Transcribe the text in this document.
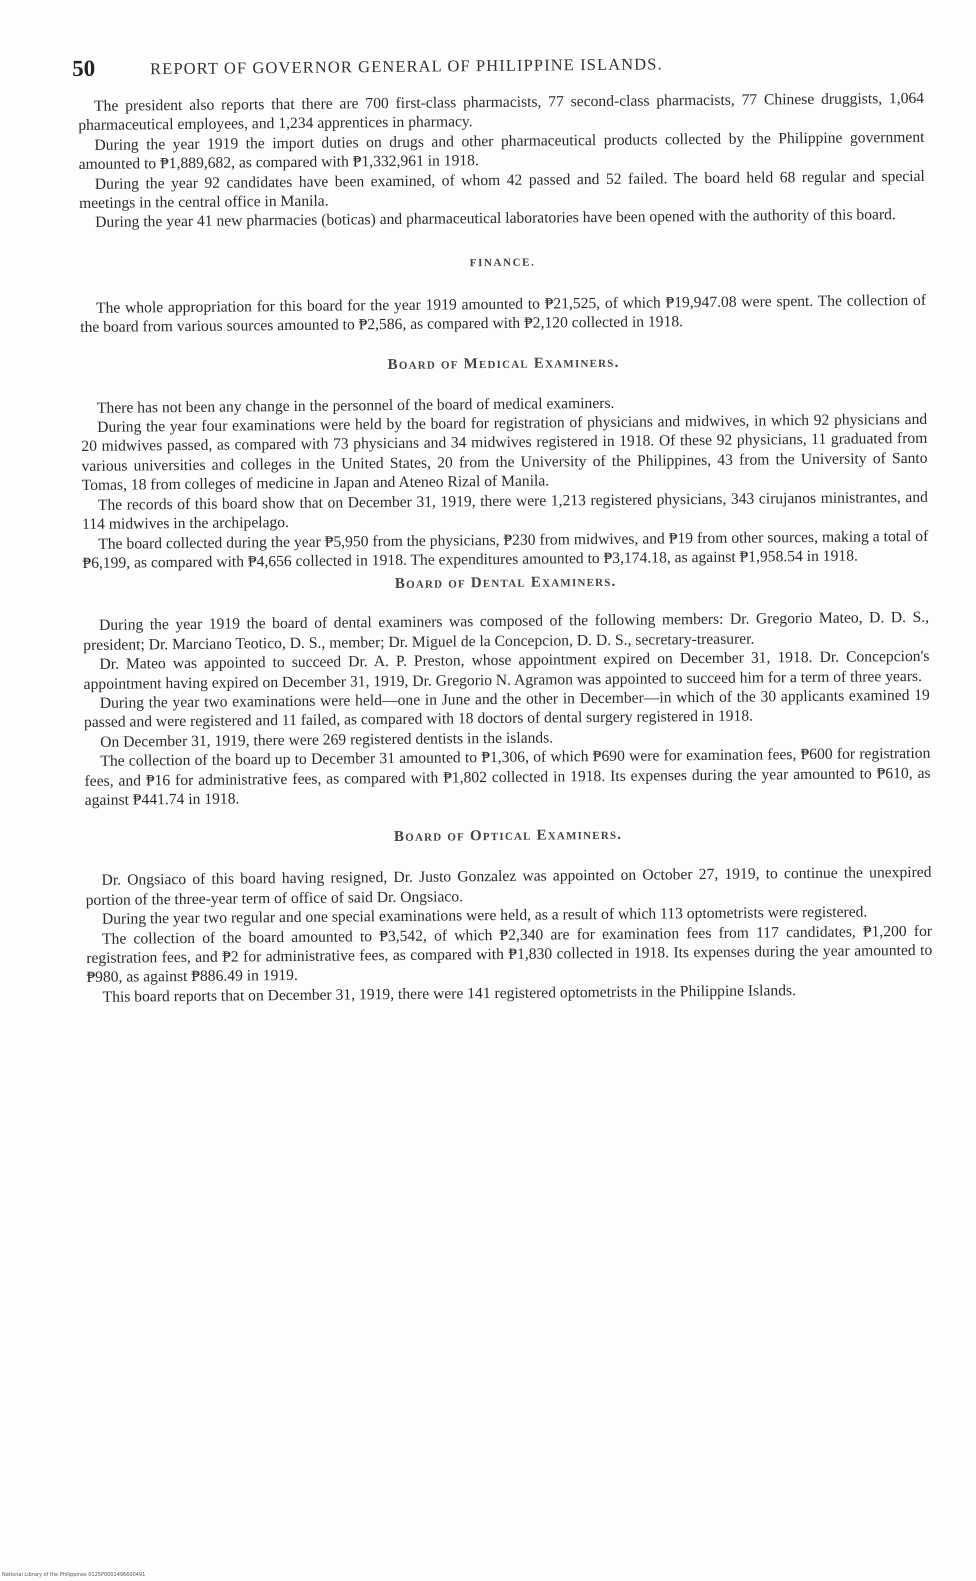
50	REPORT OF GOVERNOR GENERAL OF PHILIPPINE ISLANDS.

The president also reports that there are 700 first-class pharmacists, 77 second-class pharmacists, 77 Chinese druggists, 1,064 pharmaceutical employees, and 1,234 apprentices in pharmacy.

During the year 1919 the import duties on drugs and other pharmaceutical products collected by the Philippine government amounted to ₱1,889,682, as compared with ₱1,332,961 in 1918.

During the year 92 candidates have been examined, of whom 42 passed and 52 failed. The board held 68 regular and special meetings in the central office in Manila.

During the year 41 new pharmacies (boticas) and pharmaceutical laboratories have been opened with the authority of this board.

FINANCE.

The whole appropriation for this board for the year 1919 amounted to ₱21,525, of which ₱19,947.08 were spent. The collection of the board from various sources amounted to ₱2,586, as compared with ₱2,120 collected in 1918.

Board of Medical Examiners.

There has not been any change in the personnel of the board of medical examiners.

During the year four examinations were held by the board for registration of physicians and midwives, in which 92 physicians and 20 midwives passed, as compared with 73 physicians and 34 midwives registered in 1918. Of these 92 physicians, 11 graduated from various universities and colleges in the United States, 20 from the University of the Philippines, 43 from the University of Santo Tomas, 18 from colleges of medicine in Japan and Ateneo Rizal of Manila.

The records of this board show that on December 31, 1919, there were 1,213 registered physicians, 343 cirujanos ministrantes, and 114 midwives in the archipelago.

The board collected during the year ₱5,950 from the physicians, ₱230 from midwives, and ₱19 from other sources, making a total of ₱6,199, as compared with ₱4,656 collected in 1918. The expenditures amounted to ₱3,174.18, as against ₱1,958.54 in 1918.

Board of Dental Examiners.

During the year 1919 the board of dental examiners was composed of the following members: Dr. Gregorio Mateo, D. D. S., president; Dr. Marciano Teotico, D. S., member; Dr. Miguel de la Concepcion, D. D. S., secretary-treasurer.

Dr. Mateo was appointed to succeed Dr. A. P. Preston, whose appointment expired on December 31, 1918. Dr. Concepcion's appointment having expired on December 31, 1919, Dr. Gregorio N. Agramon was appointed to succeed him for a term of three years.

During the year two examinations were held—one in June and the other in December—in which of the 30 applicants examined 19 passed and were registered and 11 failed, as compared with 18 doctors of dental surgery registered in 1918.

On December 31, 1919, there were 269 registered dentists in the islands.

The collection of the board up to December 31 amounted to ₱1,306, of which ₱690 were for examination fees, ₱600 for registration fees, and ₱16 for administrative fees, as compared with ₱1,802 collected in 1918. Its expenses during the year amounted to ₱610, as against ₱441.74 in 1918.

Board of Optical Examiners.

Dr. Ongsiaco of this board having resigned, Dr. Justo Gonzalez was appointed on October 27, 1919, to continue the unexpired portion of the three-year term of office of said Dr. Ongsiaco.

During the year two regular and one special examinations were held, as a result of which 113 optometrists were registered.

The collection of the board amounted to ₱3,542, of which ₱2,340 are for examination fees from 117 candidates, ₱1,200 for registration fees, and ₱2 for administrative fees, as compared with ₱1,830 collected in 1918. Its expenses during the year amounted to ₱980, as against ₱886.49 in 1919.

This board reports that on December 31, 1919, there were 141 registered optometrists in the Philippine Islands.

National Library of the Philippines 0125P0001496600491
